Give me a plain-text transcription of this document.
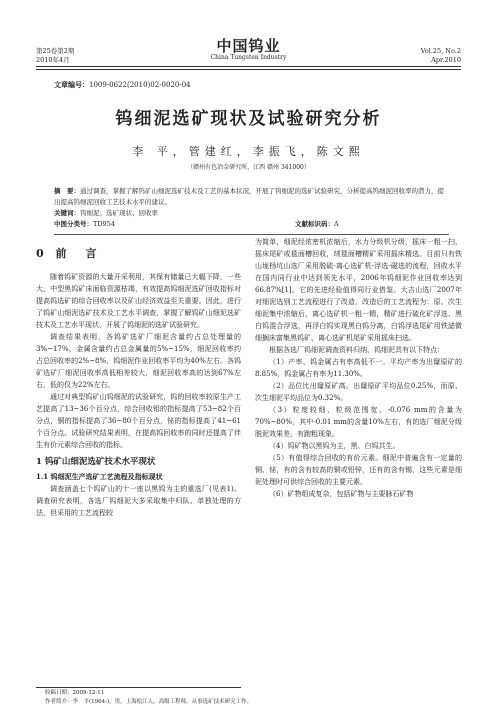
第25卷第2期
2010年4月
中国钨业
China Tungsten Industry
Vol.25, No.2
Apr.2010
文章编号：1009-0622(2010)02-0020-04
钨细泥选矿现状及试验研究分析
李 平，管建红，李振飞，陈文熙
（赣州有色冶金研究所，江西 赣州 341000）
摘　要：通过调查，掌握了解钨矿山细泥选矿技术及工艺的基本状况，开展了钨细泥的选矿试验研究，分析提高钨细泥回收率的潜力，提出提高钨细泥回收工艺技术水平的建议。
关键词：钨细泥；选矿现状；回收率
中图分类号：TD954	文献标识码：A
0 前　言

随着钨矿资源的大量开采利用，其保有储量已大幅下降，一些大、中型黑钨矿床面临资源枯竭，有效提高钨细泥选矿回收指标对提高钨选矿的综合回收率以及矿山经济效益至关重要。因此，进行了钨矿山细泥选矿技术及工艺水平调查，掌握了解钨矿山细泥选矿技术及工艺水平现状，开展了钨细泥的选矿试验研究。

调查结果表明，各钨矿选矿厂细泥含量约占总处理量的3%~17%，金属含量约占总金属量的5%~15%，细泥回收率约占总回收率的2%~8%，钨细泥作业回收率平均为40%左右。各钨矿选矿厂细泥回收率高低相差较大，细泥回收率高的达到67%左右，低的仅为22%左右。

通过对典型钨矿山钨细泥的试验研究，钨的回收率较原生产工艺提高了13~36个百分点，综合回收钼的指标提高了53~82个百分点，铜的指标提高了36~80个百分点，铋的指标提高了41~61个百分点。试验研究结果表明，在提高钨回收率的同时还提高了伴生有价元素综合回收的指标。

1 钨矿山细泥选矿技术水平现状
1.1 钨细泥生产选矿工艺流程及指标现状

调查涵盖七个钨矿山的十一座以黑钨为主的重选厂(见表1)。调查研究表明，各选厂钨细泥大多采取集中归队、单独处理的方法，但采用的工艺流程较

为简单，细泥经浓密机浓缩后，水力分级机分级，摇床一粗一扫，摇床尾矿或毯面槽回收，绒毯面槽精矿采用摇床精选。目前只有铁山垅杨坑山选厂采用脱硫-离心选矿机-浮选-磁选的流程，回收水平在国内同行业中达到领先水平，2006年钨细泥作业回收率达到66.87%[1]。它的先进经验值得同行业借鉴。大吉山选厂2007年对细泥选别工艺流程进行了改造，改造后的工艺流程为：原、次生细泥集中浓缩后，离心选矿机一粗一精，精矿进行硫化矿浮选、黑白钨混合浮选，再浮白钨实现黑白钨分离，白钨浮选尾矿用铁滤微细搁床富集黑钨矿，离心选矿机尾矿采用摇床扫选。

根据各选厂钨细泥调查资料归纳，钨细泥具有以下特点：

（1）产率、钨金属占有率高低不一。平均产率为出窿原矿的8.85%，钨金属占有率为11.30%。

（2）品位比出窿原矿高。出窿原矿平均品位0.25%，而原、次生细泥平均品位为0.32%。

（3）粒度较细，粒级范围宽。-0.076 mm的含量为70%~80%，其中-0.01 mm的含量10%左右，有的选厂细泥分级脱泥效果差，有跑粗现象。

（4）钨矿物以黑钨为主，黑、白钨共生。

（5）有值得综合回收的有价元素。细泥中普遍含有一定量的铜、铋，有的含有较高的铜或铅锌，还有的含有锡，这些元素是细泥处理时可供综合回收的主要元素。

（6）矿物组成复杂，包括矿物与主要脉石矿物

收稿日期：2009-12-11
作者简介：李　平(1964-)，男，上海松江人，高级工程师，从事选矿技术研究工作。
